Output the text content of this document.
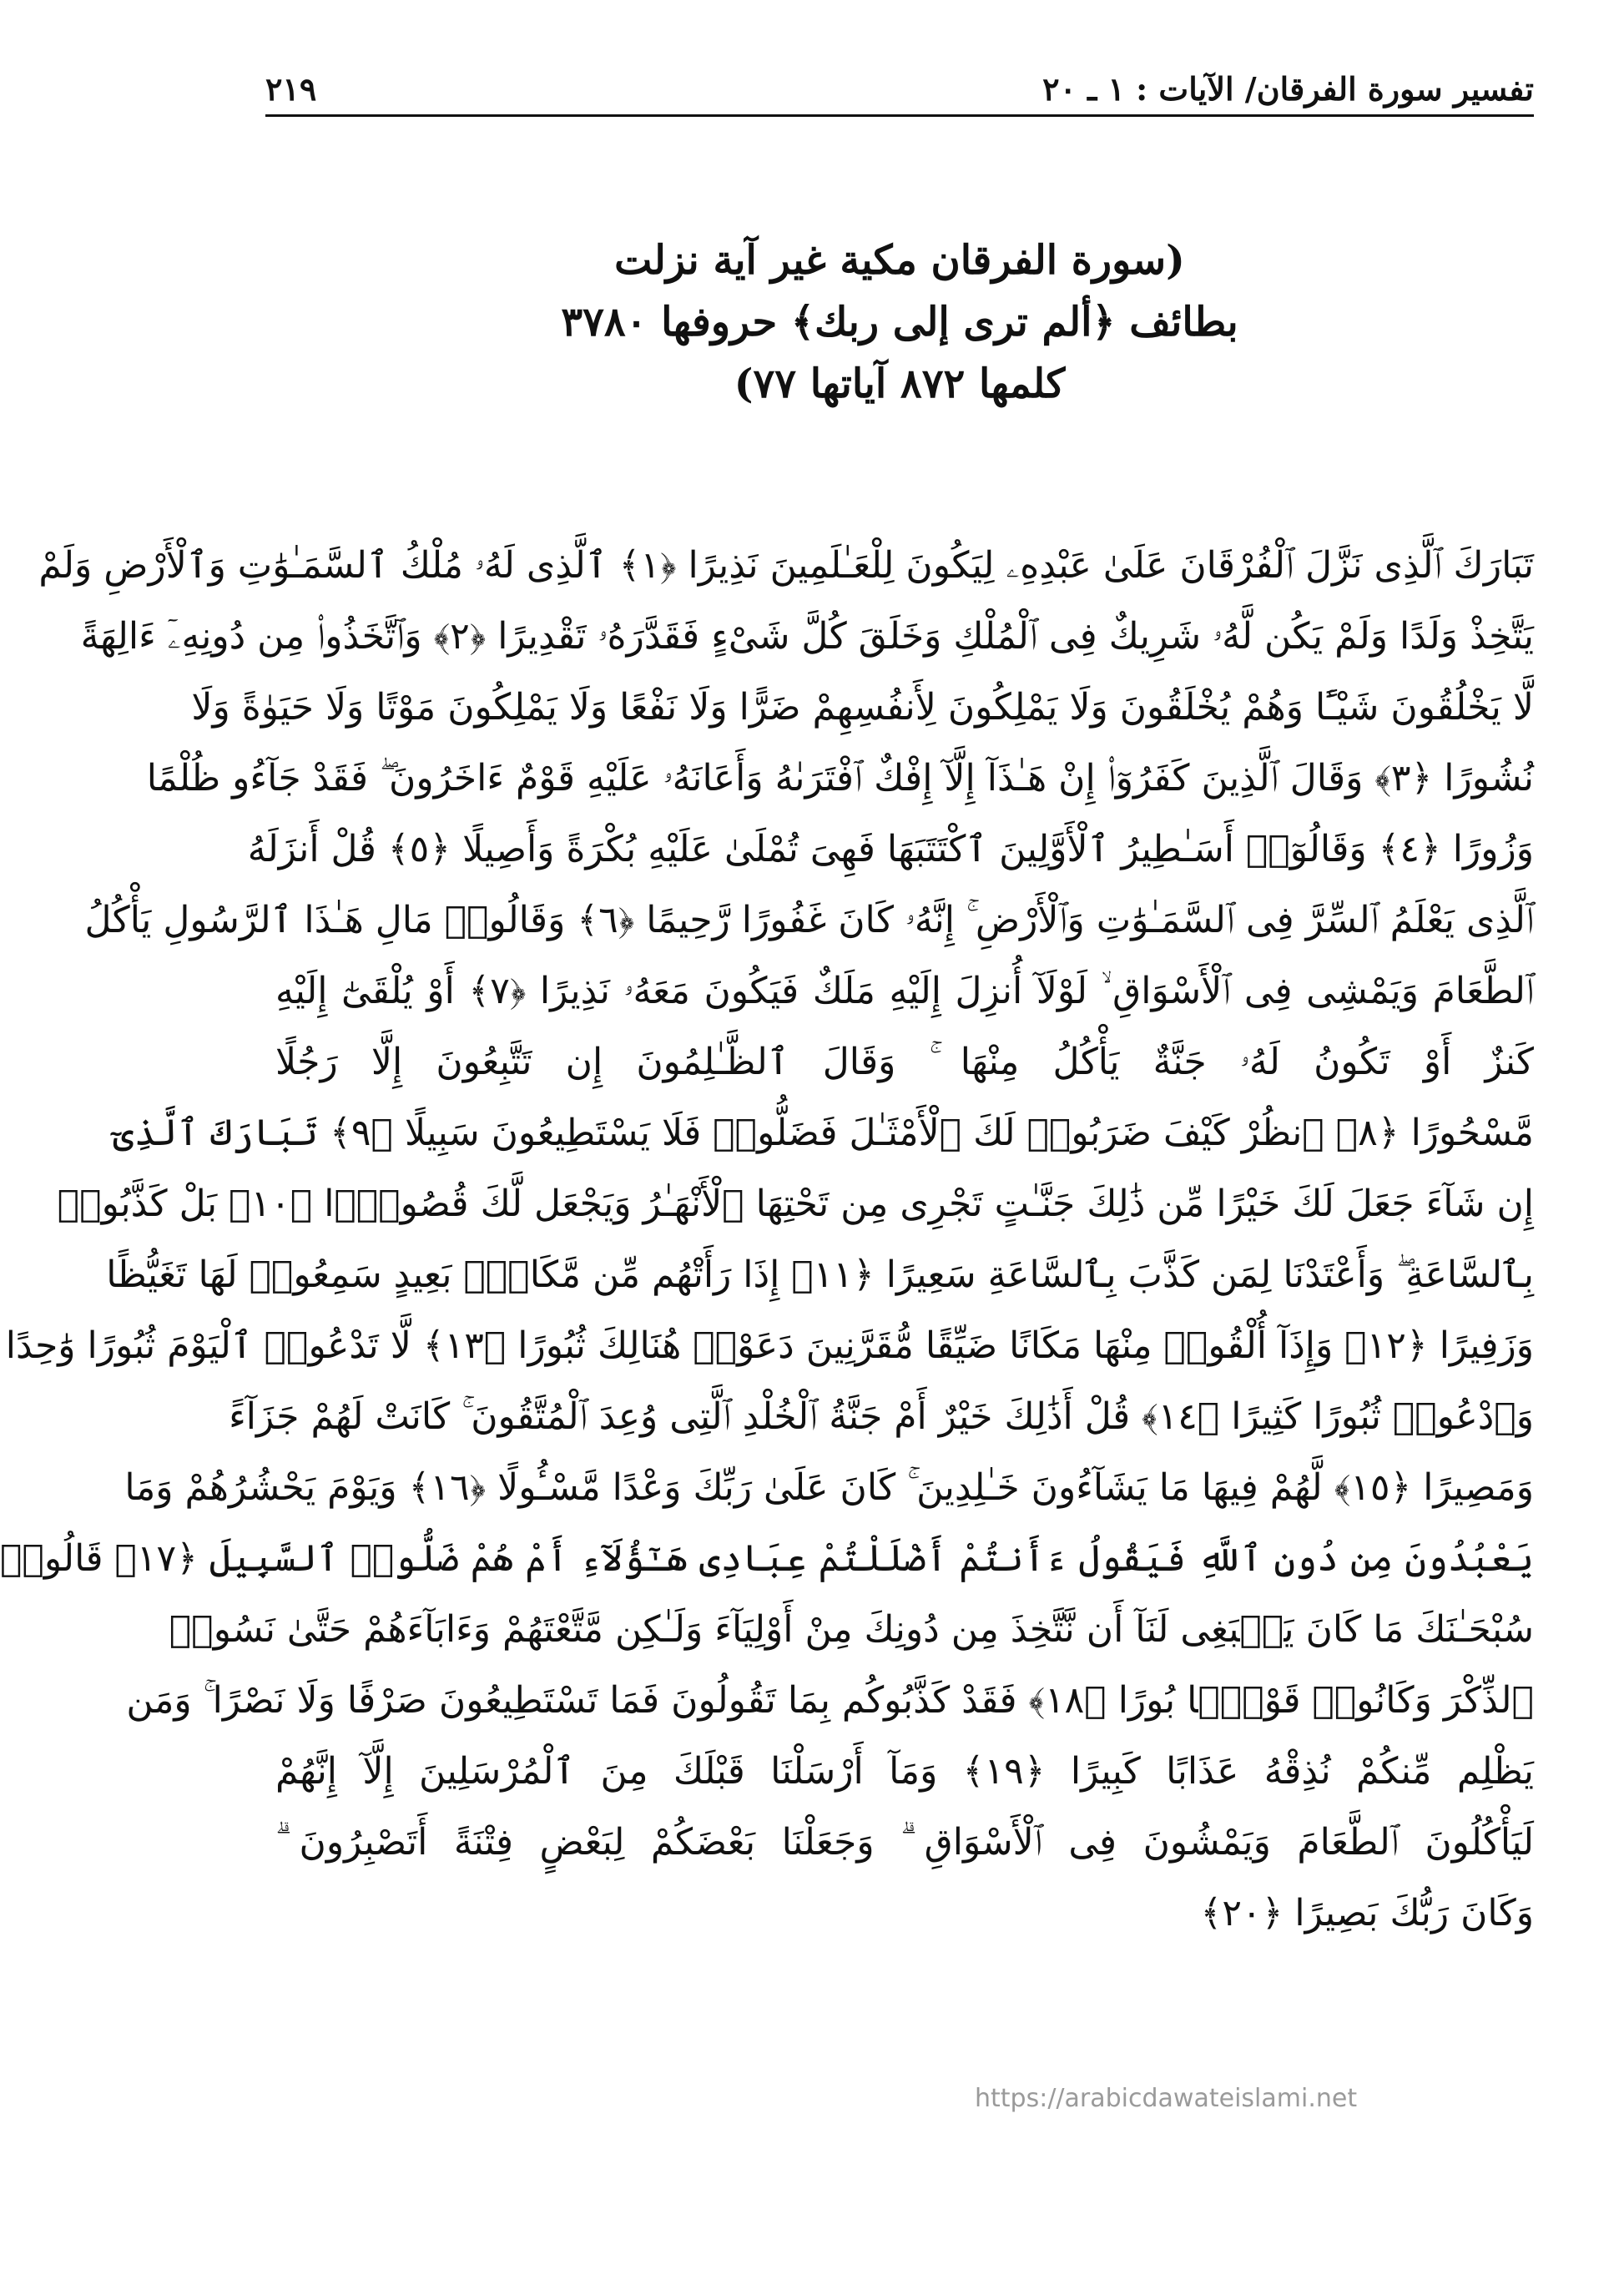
تفسير سورة الفرقان/ الآيات : ١ ـ ٢٠
٢١٩
(سورة الفرقان مكية غير آية نزلت
بطائف ﴿ألم ترى إلى ربك﴾ حروفها ٣٧٨٠
كلمها ٨٧٢ آياتها ٧٧)
تَبَارَكَ ٱلَّذِى نَزَّلَ ٱلْفُرْقَانَ عَلَىٰ عَبْدِهِۦ لِيَكُونَ لِلْعَـٰلَمِينَ نَذِيرًا ﴿١﴾ ٱلَّذِى لَهُۥ مُلْكُ ٱلسَّمَـٰوَٰتِ وَٱلْأَرْضِ وَلَمْ
يَتَّخِذْ وَلَدًا وَلَمْ يَكُن لَّهُۥ شَرِيكٌ فِى ٱلْمُلْكِ وَخَلَقَ كُلَّ شَىْءٍ فَقَدَّرَهُۥ تَقْدِيرًا ﴿٢﴾ وَٱتَّخَذُوا۟ مِن دُونِهِۦٓ ءَالِهَةً
لَّا يَخْلُقُونَ شَيْـًٔا وَهُمْ يُخْلَقُونَ وَلَا يَمْلِكُونَ لِأَنفُسِهِمْ ضَرًّا وَلَا نَفْعًا وَلَا يَمْلِكُونَ مَوْتًا وَلَا حَيَوٰةً وَلَا
نُشُورًا ﴿٣﴾ وَقَالَ ٱلَّذِينَ كَفَرُوٓا۟ إِنْ هَـٰذَآ إِلَّآ إِفْكٌ ٱفْتَرَىٰهُ وَأَعَانَهُۥ عَلَيْهِ قَوْمٌ ءَاخَرُونَ ۖ فَقَدْ جَآءُو ظُلْمًا
وَزُورًا ﴿٤﴾ وَقَالُوٓا۟ أَسَـٰطِيرُ ٱلْأَوَّلِينَ ٱكْتَتَبَهَا فَهِىَ تُمْلَىٰ عَلَيْهِ بُكْرَةً وَأَصِيلًا ﴿٥﴾ قُلْ أَنزَلَهُ
ٱلَّذِى يَعْلَمُ ٱلسِّرَّ فِى ٱلسَّمَـٰوَٰتِ وَٱلْأَرْضِ ۚ إِنَّهُۥ كَانَ غَفُورًا رَّحِيمًا ﴿٦﴾ وَقَالُوا۟ مَالِ هَـٰذَا ٱلرَّسُولِ يَأْكُلُ
ٱلطَّعَامَ وَيَمْشِى فِى ٱلْأَسْوَاقِ ۙ لَوْلَآ أُنزِلَ إِلَيْهِ مَلَكٌ فَيَكُونَ مَعَهُۥ نَذِيرًا ﴿٧﴾ أَوْ يُلْقَىٰٓ إِلَيْهِ
كَنزٌ أَوْ تَكُونُ لَهُۥ جَنَّةٌ يَأْكُلُ مِنْهَا ۚ وَقَالَ ٱلظَّـٰلِمُونَ إِن تَتَّبِعُونَ إِلَّا رَجُلًا
مَّسْحُورًا ﴿٨﴾ ٱنظُرْ كَيْفَ ضَرَبُوا۟ لَكَ ٱلْأَمْثَـٰلَ فَضَلُّوا۟ فَلَا يَسْتَطِيعُونَ سَبِيلًا ﴿٩﴾ تَبَارَكَ ٱلَّذِىٓ
إِن شَآءَ جَعَلَ لَكَ خَيْرًا مِّن ذَٰلِكَ جَنَّـٰتٍ تَجْرِى مِن تَحْتِهَا ٱلْأَنْهَـٰرُ وَيَجْعَل لَّكَ قُصُورًۢا ﴿١٠﴾ بَلْ كَذَّبُوا۟
بِٱلسَّاعَةِ ۖ وَأَعْتَدْنَا لِمَن كَذَّبَ بِٱلسَّاعَةِ سَعِيرًا ﴿١١﴾ إِذَا رَأَتْهُم مِّن مَّكَانٍۭ بَعِيدٍ سَمِعُوا۟ لَهَا تَغَيُّظًا
وَزَفِيرًا ﴿١٢﴾ وَإِذَآ أُلْقُوا۟ مِنْهَا مَكَانًا ضَيِّقًا مُّقَرَّنِينَ دَعَوْا۟ هُنَالِكَ ثُبُورًا ﴿١٣﴾ لَّا تَدْعُوا۟ ٱلْيَوْمَ ثُبُورًا وَٰحِدًا
وَٱدْعُوا۟ ثُبُورًا كَثِيرًا ﴿١٤﴾ قُلْ أَذَٰلِكَ خَيْرٌ أَمْ جَنَّةُ ٱلْخُلْدِ ٱلَّتِى وُعِدَ ٱلْمُتَّقُونَ ۚ كَانَتْ لَهُمْ جَزَآءً
وَمَصِيرًا ﴿١٥﴾ لَّهُمْ فِيهَا مَا يَشَآءُونَ خَـٰلِدِينَ ۚ كَانَ عَلَىٰ رَبِّكَ وَعْدًا مَّسْـُٔولًا ﴿١٦﴾ وَيَوْمَ يَحْشُرُهُمْ وَمَا
يَعْبُدُونَ مِن دُونِ ٱللَّهِ فَيَقُولُ ءَأَنتُمْ أَضْلَلْتُمْ عِبَادِى هَـٰٓؤُلَآءِ أَمْ هُمْ ضَلُّوا۟ ٱلسَّبِيلَ ﴿١٧﴾ قَالُوا۟
سُبْحَـٰنَكَ مَا كَانَ يَنۢبَغِى لَنَآ أَن نَّتَّخِذَ مِن دُونِكَ مِنْ أَوْلِيَآءَ وَلَـٰكِن مَّتَّعْتَهُمْ وَءَابَآءَهُمْ حَتَّىٰ نَسُوا۟
ٱلذِّكْرَ وَكَانُوا۟ قَوْمًۢا بُورًا ﴿١٨﴾ فَقَدْ كَذَّبُوكُم بِمَا تَقُولُونَ فَمَا تَسْتَطِيعُونَ صَرْفًا وَلَا نَصْرًا ۚ وَمَن
يَظْلِم مِّنكُمْ نُذِقْهُ عَذَابًا كَبِيرًا ﴿١٩﴾ وَمَآ أَرْسَلْنَا قَبْلَكَ مِنَ ٱلْمُرْسَلِينَ إِلَّآ إِنَّهُمْ
لَيَأْكُلُونَ ٱلطَّعَامَ وَيَمْشُونَ فِى ٱلْأَسْوَاقِ ۗ وَجَعَلْنَا بَعْضَكُمْ لِبَعْضٍ فِتْنَةً أَتَصْبِرُونَ ۗ
وَكَانَ رَبُّكَ بَصِيرًا ﴿٢٠﴾
https://arabicdawateislami.net
